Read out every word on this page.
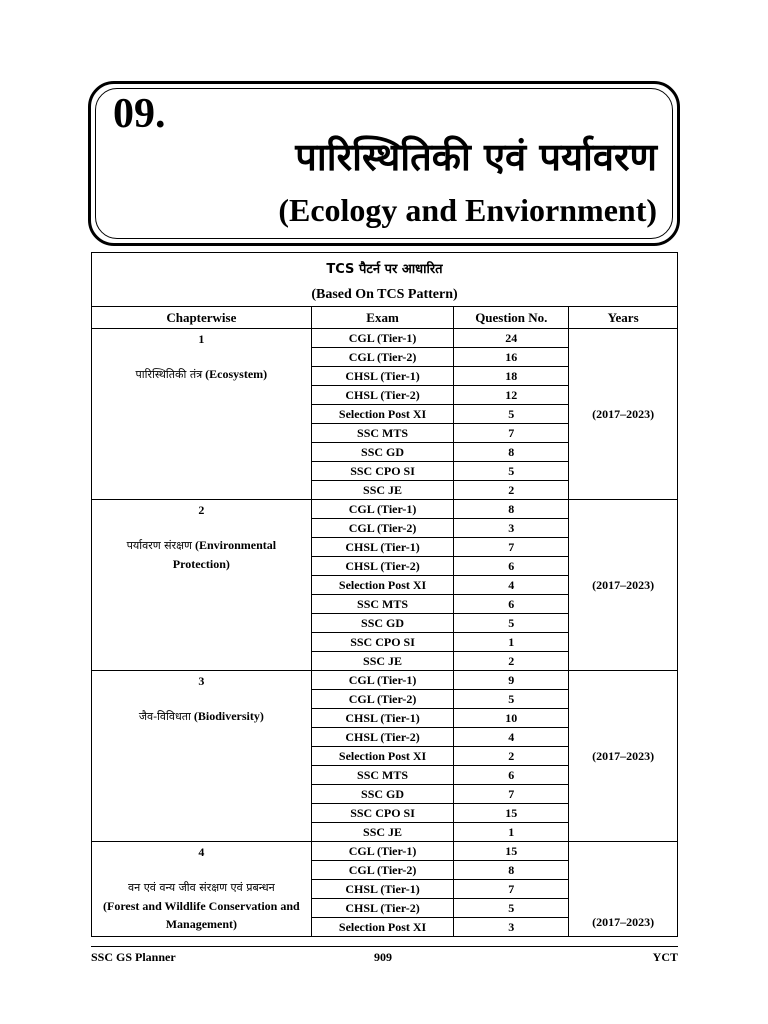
09.
पारिस्थितिकी एवं पर्यावरण
(Ecology and Enviornment)
TCS पैटर्न पर आधारित
(Based On TCS Pattern)			

Chapterwise	Exam	Question No.	Years

1
पारिस्थितिकी तंत्र (Ecosystem)	CGL (Tier-1)	24	(2017–2023)
	CGL (Tier-2)	16	
	CHSL (Tier-1)	18	
	CHSL (Tier-2)	12	
	Selection Post XI	5	
	SSC MTS	7	
	SSC GD	8	
	SSC CPO SI	5	
	SSC JE	2	

2
पर्यावरण संरक्षण (Environmental Protection)	CGL (Tier-1)	8	(2017–2023)
	CGL (Tier-2)	3	
	CHSL (Tier-1)	7	
	CHSL (Tier-2)	6	
	Selection Post XI	4	
	SSC MTS	6	
	SSC GD	5	
	SSC CPO SI	1	
	SSC JE	2	

3
जैव-विविधता (Biodiversity)	CGL (Tier-1)	9	(2017–2023)
	CGL (Tier-2)	5	
	CHSL (Tier-1)	10	
	CHSL (Tier-2)	4	
	Selection Post XI	2	
	SSC MTS	6	
	SSC GD	7	
	SSC CPO SI	15	
	SSC JE	1	

4
वन एवं वन्य जीव संरक्षण एवं प्रबन्धन
(Forest and Wildlife Conservation and Management)	CGL (Tier-1)	15	(2017–2023)
	CGL (Tier-2)	8	
	CHSL (Tier-1)	7	
	CHSL (Tier-2)	5	
	Selection Post XI	3	
SSC GS Planner	909	YCT
